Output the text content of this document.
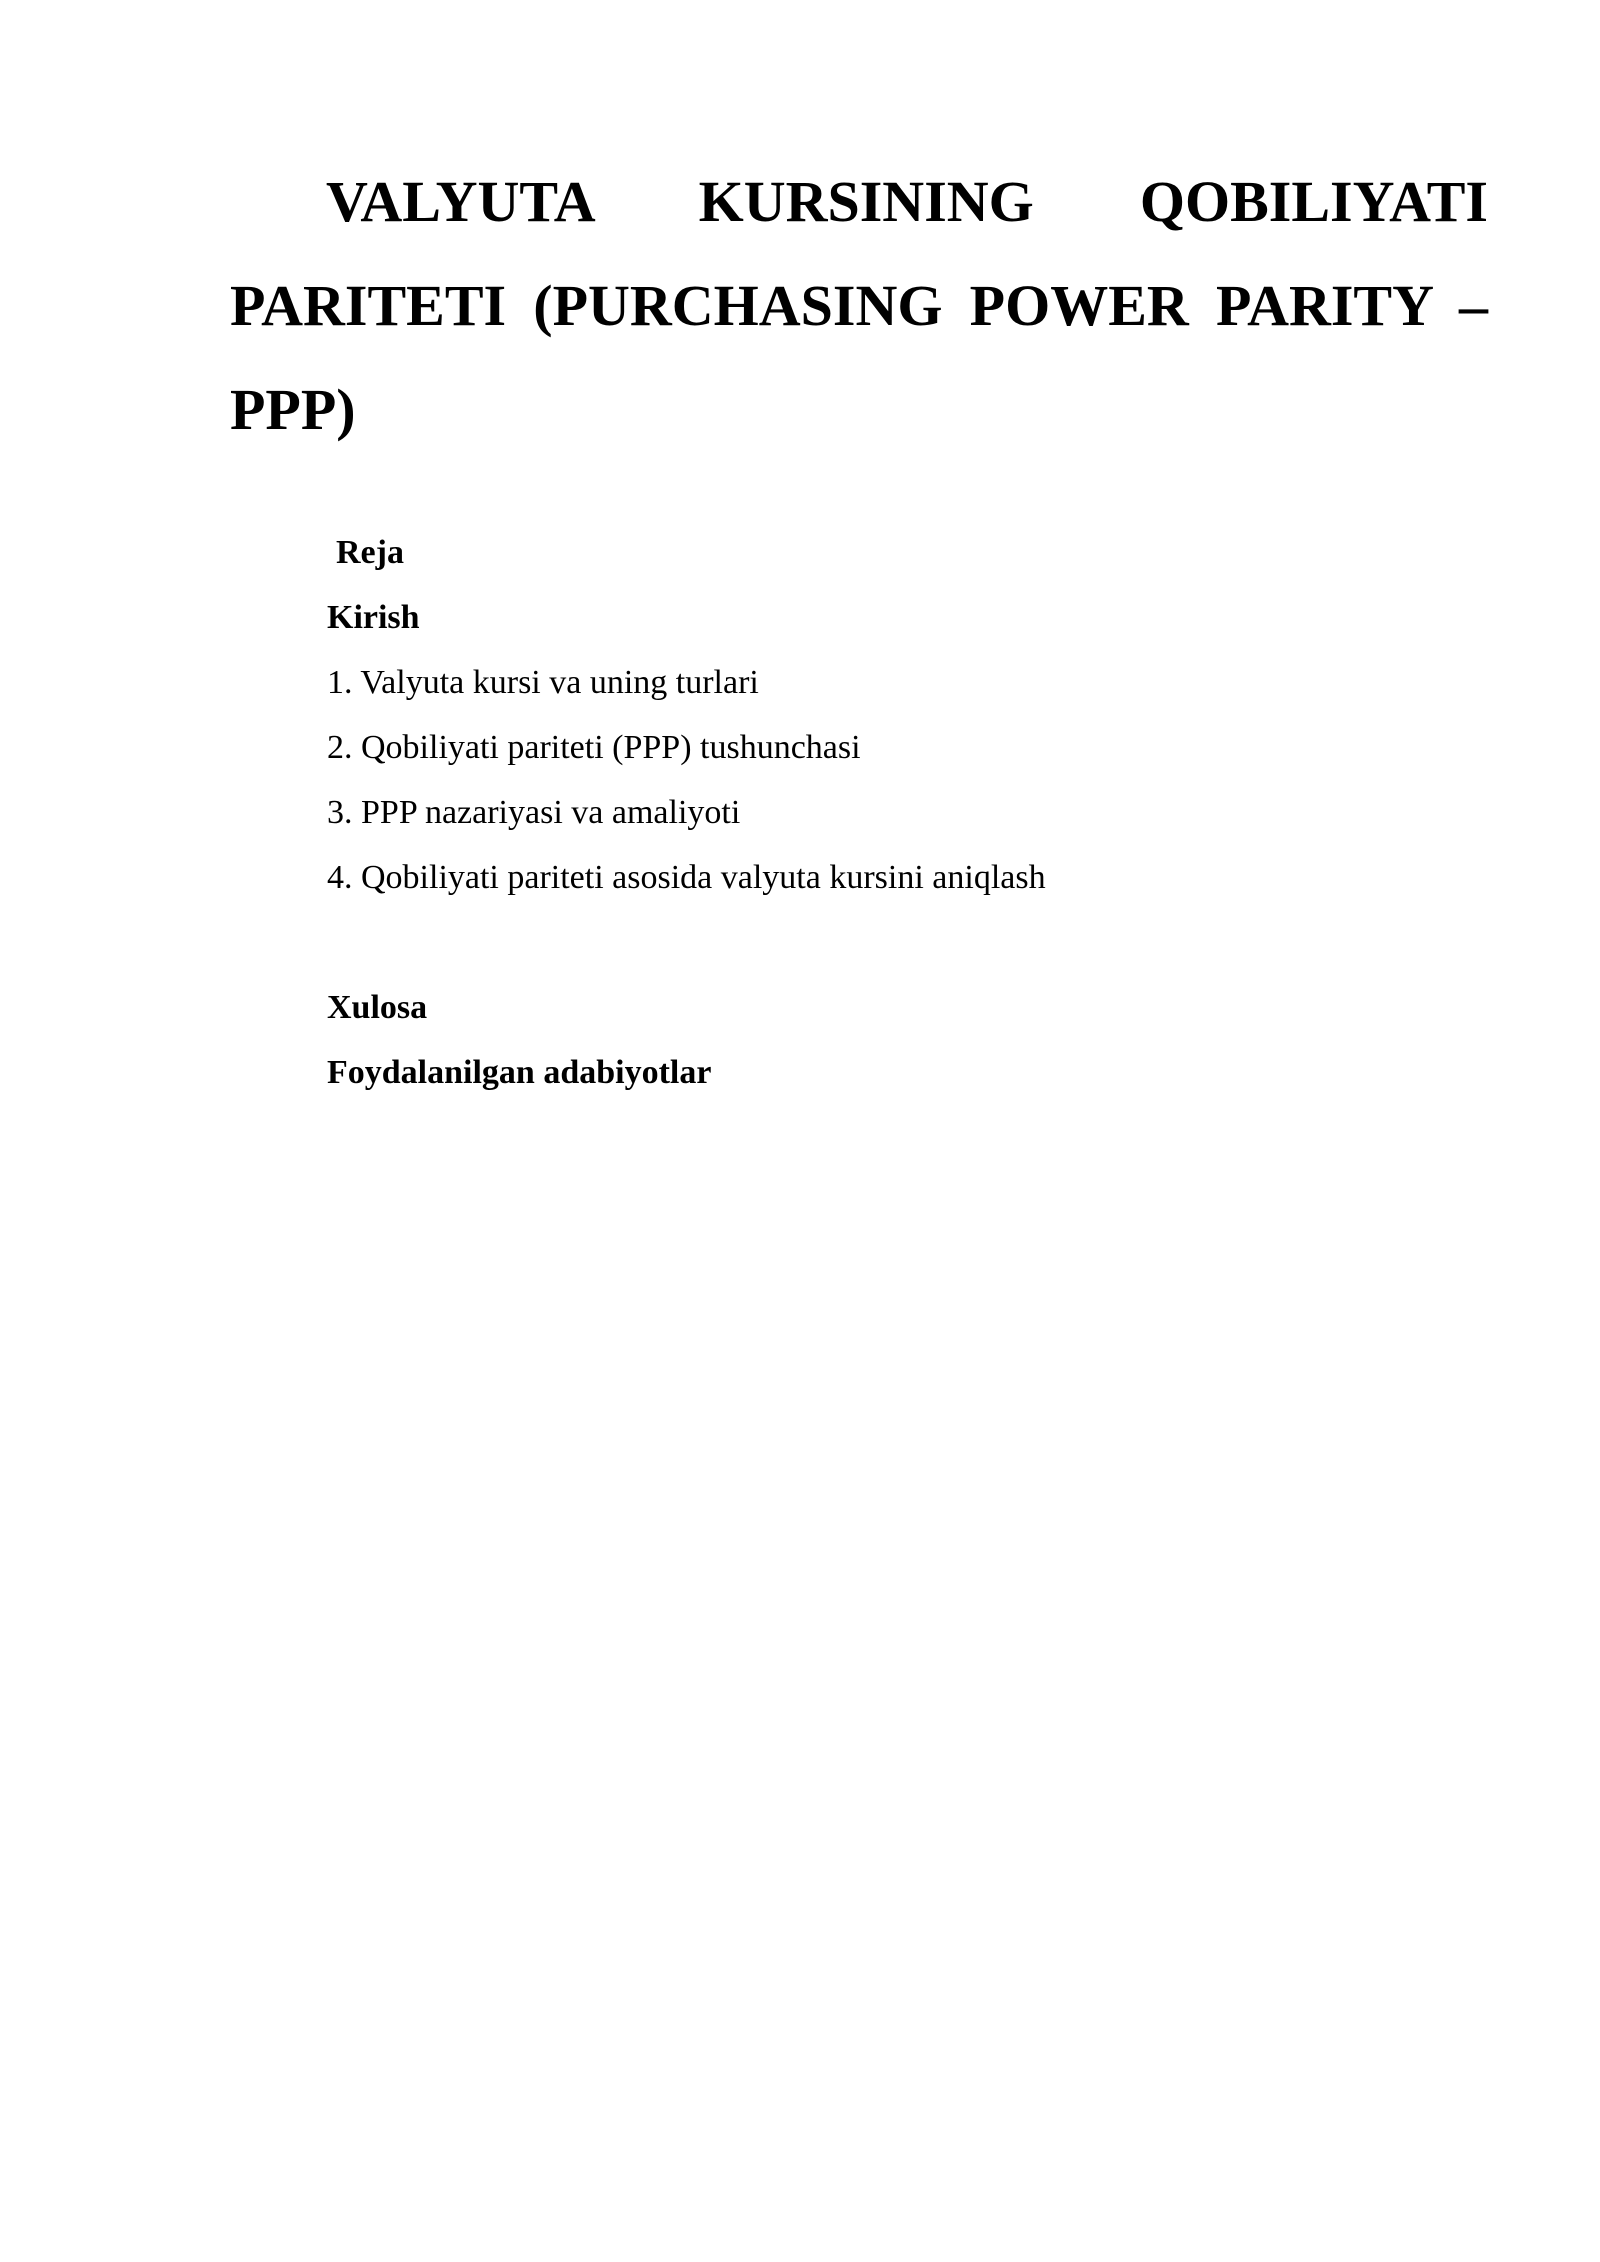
VALYUTA KURSINING QOBILIYATI PARITETI (PURCHASING POWER PARITY – PPP)
Reja
Kirish
1. Valyuta kursi va uning turlari
2. Qobiliyati pariteti (PPP) tushunchasi
3. PPP nazariyasi va amaliyoti
4. Qobiliyati pariteti asosida valyuta kursini aniqlash
Xulosa
Foydalanilgan adabiyotlar
